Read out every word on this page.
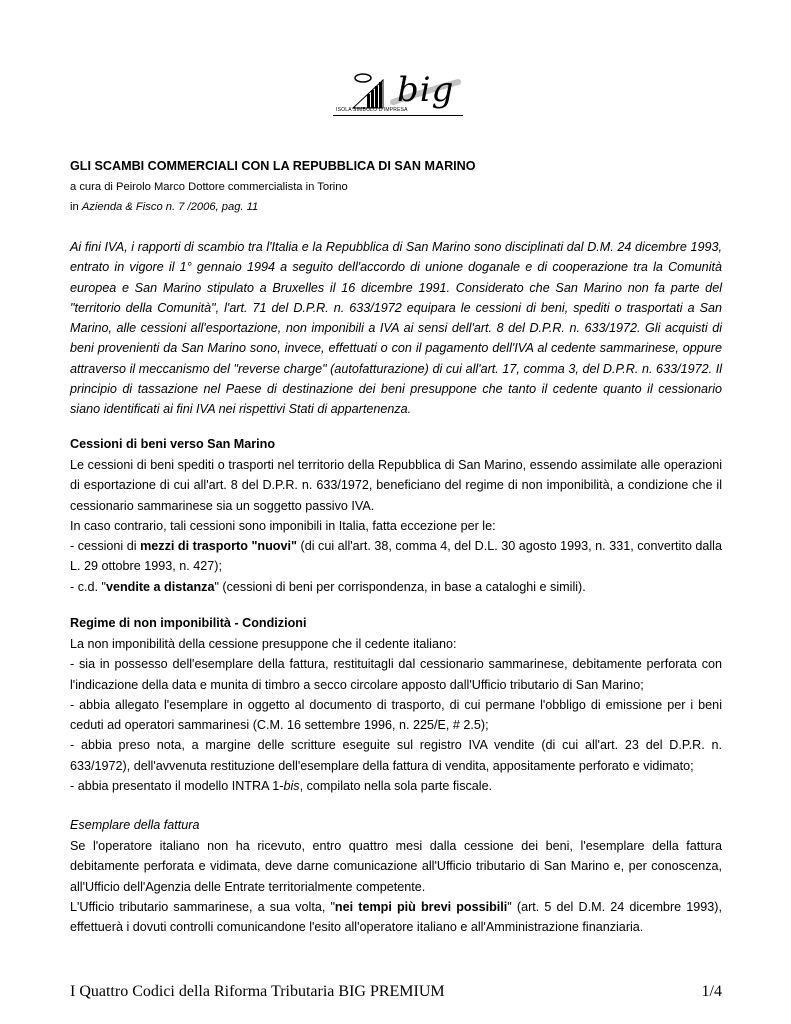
big
ISOLA SIMBOLO D'IMPRESA
GLI SCAMBI COMMERCIALI CON LA REPUBBLICA DI SAN MARINO
a cura di Peirolo Marco Dottore commercialista in Torino
in Azienda & Fisco n. 7 /2006, pag. 11

Ai fini IVA, i rapporti di scambio tra l'Italia e la Repubblica di San Marino sono disciplinati dal D.M. 24 dicembre 1993, entrato in vigore il 1° gennaio 1994 a seguito dell'accordo di unione doganale e di cooperazione tra la Comunità europea e San Marino stipulato a Bruxelles il 16 dicembre 1991. Considerato che San Marino non fa parte del "territorio della Comunità", l'art. 71 del D.P.R. n. 633/1972 equipara le cessioni di beni, spediti o trasportati a San Marino, alle cessioni all'esportazione, non imponibili a IVA ai sensi dell'art. 8 del D.P.R. n. 633/1972. Gli acquisti di beni provenienti da San Marino sono, invece, effettuati o con il pagamento dell'IVA al cedente sammarinese, oppure attraverso il meccanismo del "reverse charge" (autofatturazione) di cui all'art. 17, comma 3, del D.P.R. n. 633/1972. Il principio di tassazione nel Paese di destinazione dei beni presuppone che tanto il cedente quanto il cessionario siano identificati ai fini IVA nei rispettivi Stati di appartenenza.

Cessioni di beni verso San Marino

Le cessioni di beni spediti o trasporti nel territorio della Repubblica di San Marino, essendo assimilate alle operazioni di esportazione di cui all'art. 8 del D.P.R. n. 633/1972, beneficiano del regime di non imponibilità, a condizione che il cessionario sammarinese sia un soggetto passivo IVA.

In caso contrario, tali cessioni sono imponibili in Italia, fatta eccezione per le:

- cessioni di mezzi di trasporto "nuovi" (di cui all'art. 38, comma 4, del D.L. 30 agosto 1993, n. 331, convertito dalla L. 29 ottobre 1993, n. 427);

- c.d. "vendite a distanza" (cessioni di beni per corrispondenza, in base a cataloghi e simili).

Regime di non imponibilità - Condizioni

La non imponibilità della cessione presuppone che il cedente italiano:

- sia in possesso dell'esemplare della fattura, restituitagli dal cessionario sammarinese, debitamente perforata con l'indicazione della data e munita di timbro a secco circolare apposto dall'Ufficio tributario di San Marino;

- abbia allegato l'esemplare in oggetto al documento di trasporto, di cui permane l'obbligo di emissione per i beni ceduti ad operatori sammarinesi (C.M. 16 settembre 1996, n. 225/E, # 2.5);

- abbia preso nota, a margine delle scritture eseguite sul registro IVA vendite (di cui all'art. 23 del D.P.R. n. 633/1972), dell'avvenuta restituzione dell'esemplare della fattura di vendita, appositamente perforato e vidimato;

- abbia presentato il modello INTRA 1-bis, compilato nella sola parte fiscale.

Esemplare della fattura

Se l'operatore italiano non ha ricevuto, entro quattro mesi dalla cessione dei beni, l'esemplare della fattura debitamente perforata e vidimata, deve darne comunicazione all'Ufficio tributario di San Marino e, per conoscenza, all'Ufficio dell'Agenzia delle Entrate territorialmente competente.

L'Ufficio tributario sammarinese, a sua volta, "nei tempi più brevi possibili" (art. 5 del D.M. 24 dicembre 1993), effettuerà i dovuti controlli comunicandone l'esito all'operatore italiano e all'Amministrazione finanziaria.

I Quattro Codici della Riforma Tributaria BIG PREMIUM	1/4
